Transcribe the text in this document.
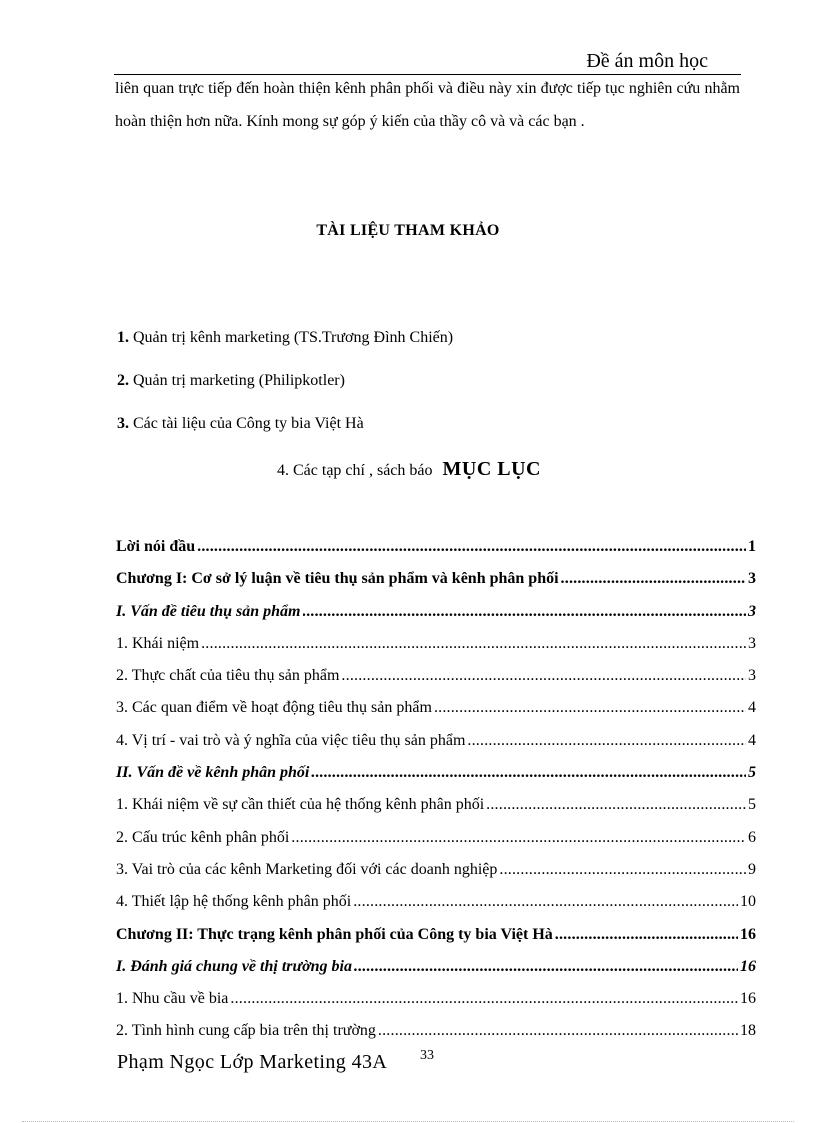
Đề án môn học
liên quan trực tiếp đến hoàn thiện kênh phân phối và điều này xin được tiếp tục nghiên cứu nhằm hoàn thiện hơn nữa. Kính mong sự góp ý kiến của thầy cô và và các bạn .
TÀI LIỆU THAM KHẢO
1. Quản trị kênh marketing (TS.Trương Đình Chiến)
2. Quản trị marketing (Philipkotler)
3. Các tài liệu của Công ty bia Việt Hà
4. Các tạp chí , sách báo MỤC LỤC
Lời nói đầu .....	1
Chương I: Cơ sở lý luận về tiêu thụ sản phẩm và kênh phân phối .....	3
I. Vấn đề tiêu thụ sản phẩm .....	3
1. Khái niệm .....	3
2. Thực chất của tiêu thụ sản phẩm .....	3
3. Các quan điểm về hoạt động tiêu thụ sản phẩm .....	4
4. Vị trí - vai trò và ý nghĩa của việc tiêu thụ sản phẩm .....	4
II. Vấn đề về kênh phân phối .....	5
1. Khái niệm về sự cần thiết của hệ thống kênh phân phối .....	5
2. Cấu trúc kênh phân phối .....	6
3. Vai trò của các kênh Marketing đối với các doanh nghiệp .....	9
4. Thiết lập hệ thống kênh phân phối .....	10
Chương II: Thực trạng kênh phân phối của Công ty bia Việt Hà .....	16
I. Đánh giá chung về thị trường bia .....	16
1. Nhu cầu về bia .....	16
2. Tình hình cung cấp bia trên thị trường .....	18
Phạm Ngọc Lớp Marketing 43A 33
